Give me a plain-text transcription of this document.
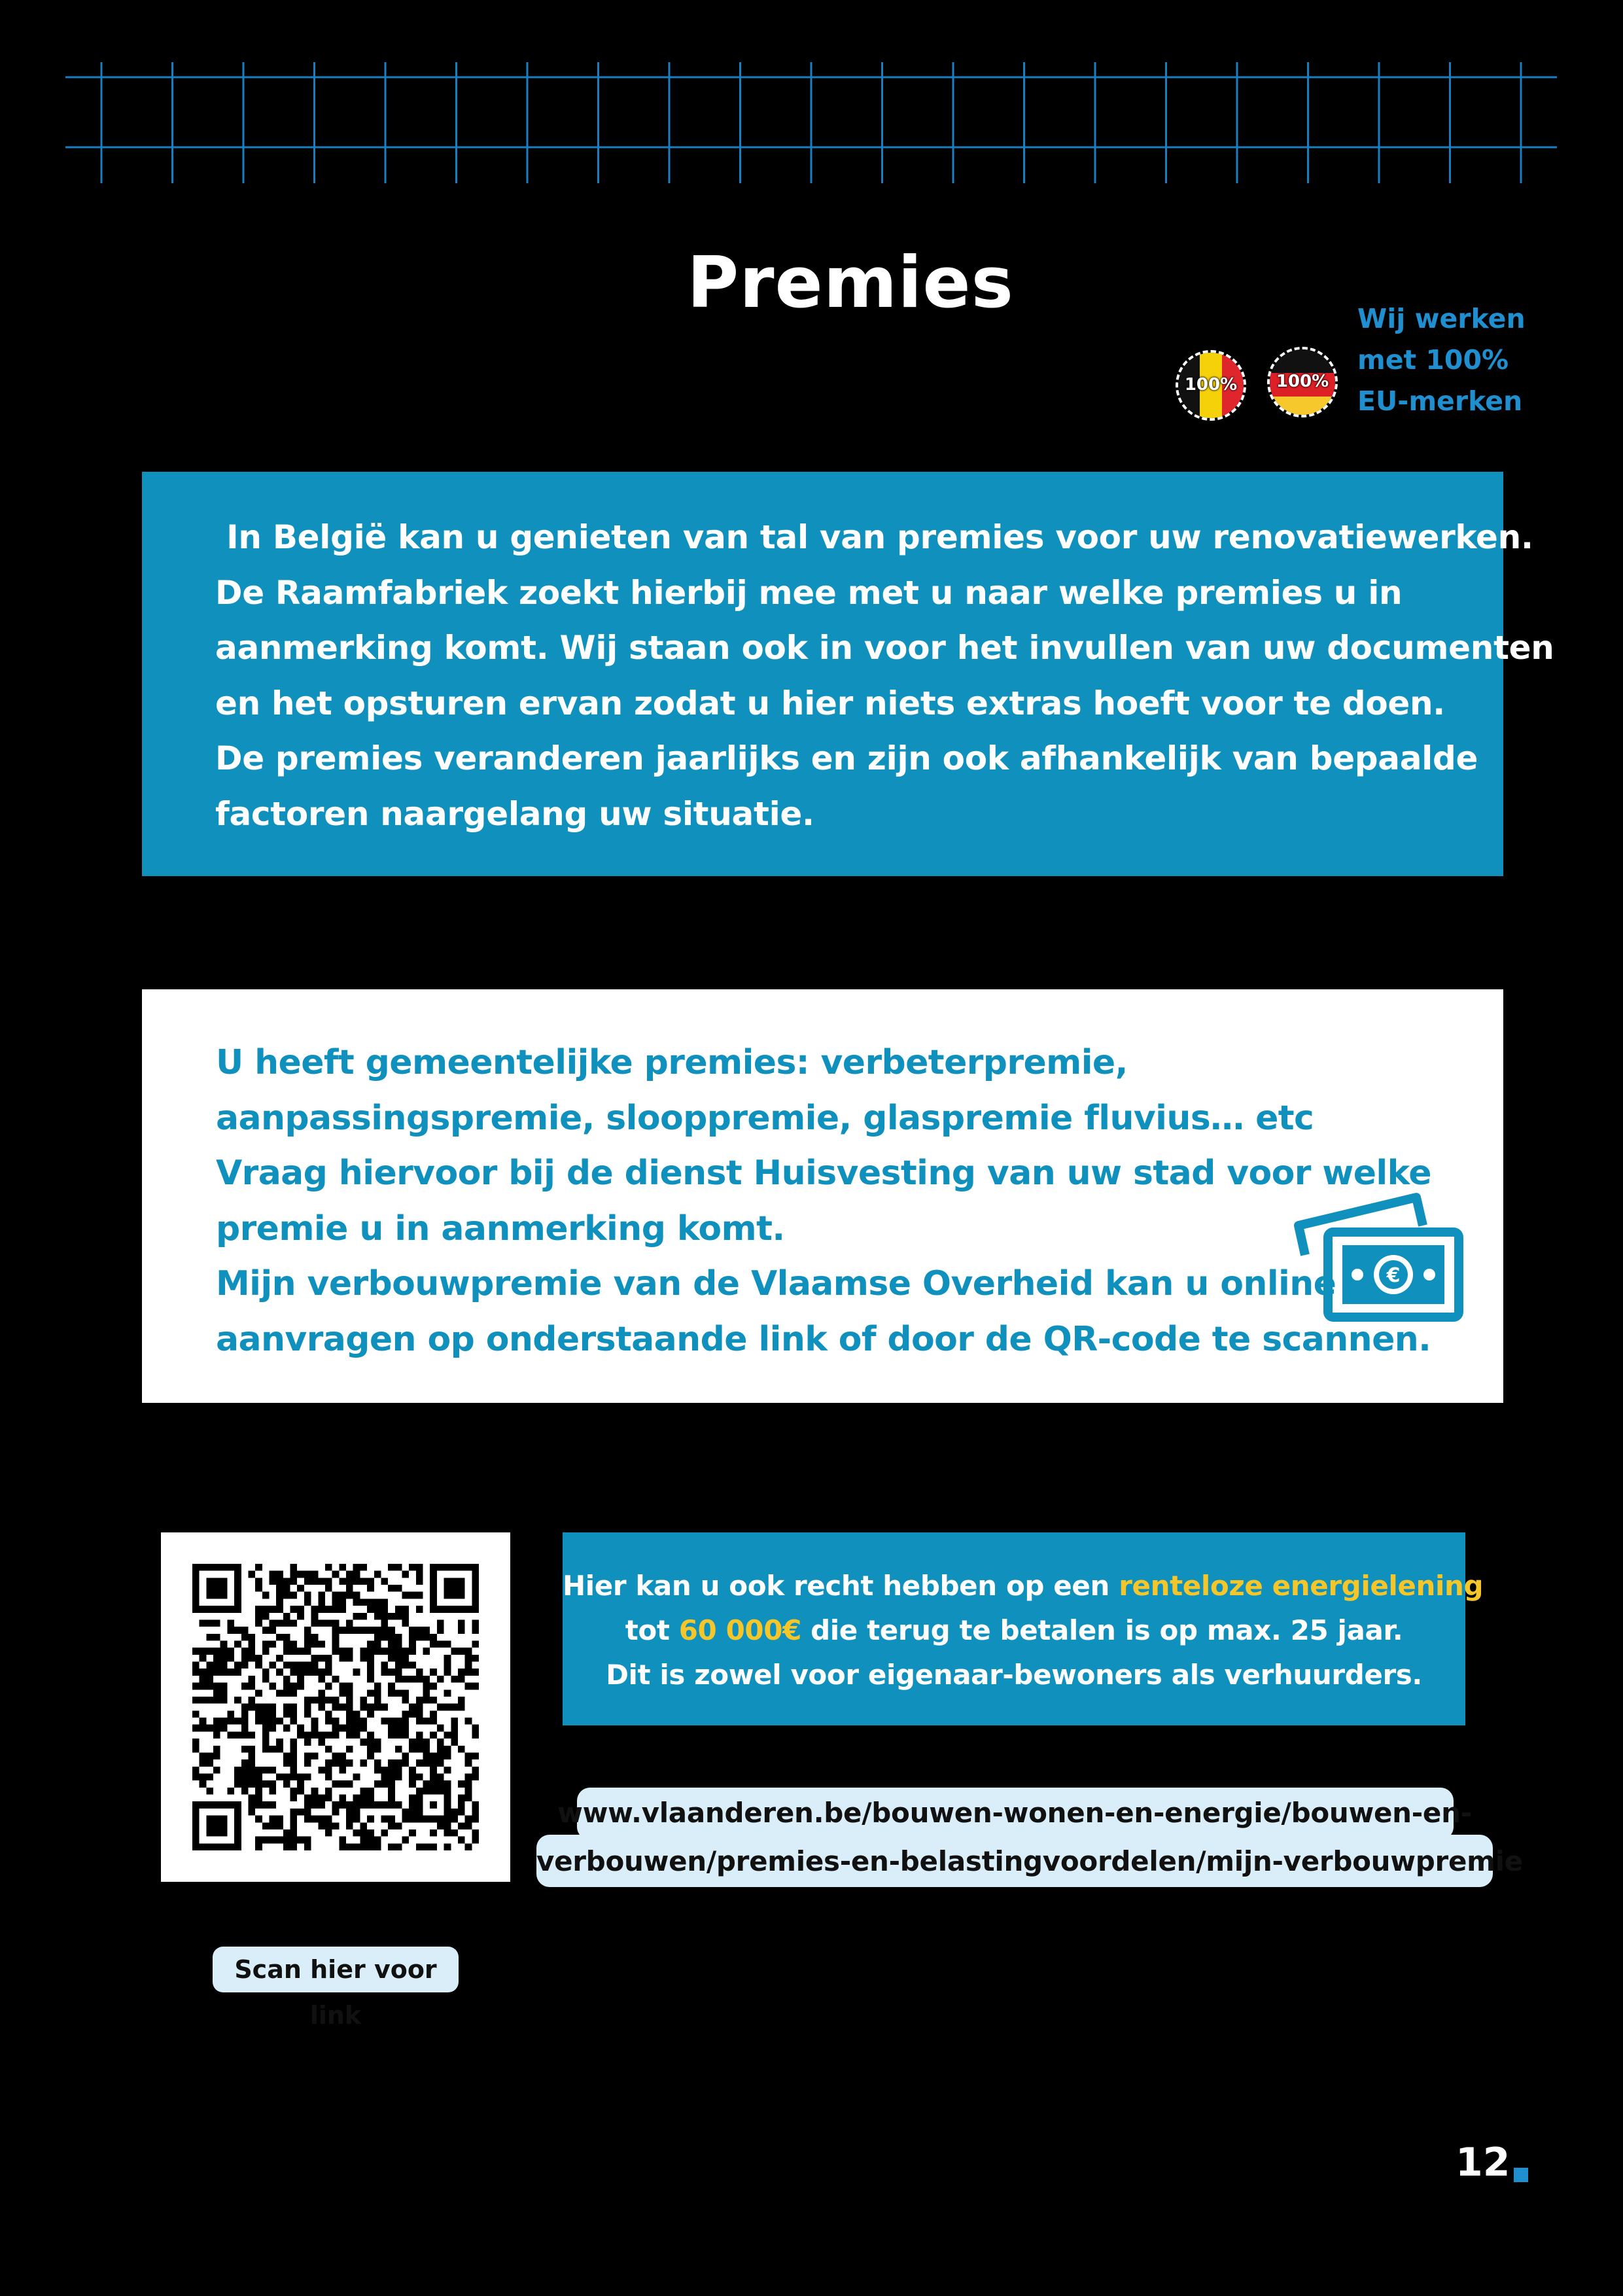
Premies
100%	100%
Wij werken
met 100%
EU-merken

In België kan u genieten van tal van premies voor uw renovatiewerken.

De Raamfabriek zoekt hierbij mee met u naar welke premies u in

aanmerking komt. Wij staan ook in voor het invullen van uw documenten

en het opsturen ervan zodat u hier niets extras hoeft voor te doen.

De premies veranderen jaarlijks en zijn ook afhankelijk van bepaalde

factoren naargelang uw situatie.

U heeft gemeentelijke premies: verbeterpremie,

aanpassingspremie, slooppremie, glaspremie fluvius… etc

Vraag hiervoor bij de dienst Huisvesting van uw stad voor welke

premie u in aanmerking komt.

Mijn verbouwpremie van de Vlaamse Overheid kan u online

aanvragen op onderstaande link of door de QR-code te scannen.

€
Hier kan u ook recht hebben op een renteloze energielening
tot 60 000€ die terug te betalen is op max. 25 jaar.
Dit is zowel voor eigenaar-bewoners als verhuurders.
www.vlaanderen.be/bouwen-wonen-en-energie/bouwen-en-
verbouwen/premies-en-belastingvoordelen/mijn-verbouwpremie
Scan hier voor link
12
